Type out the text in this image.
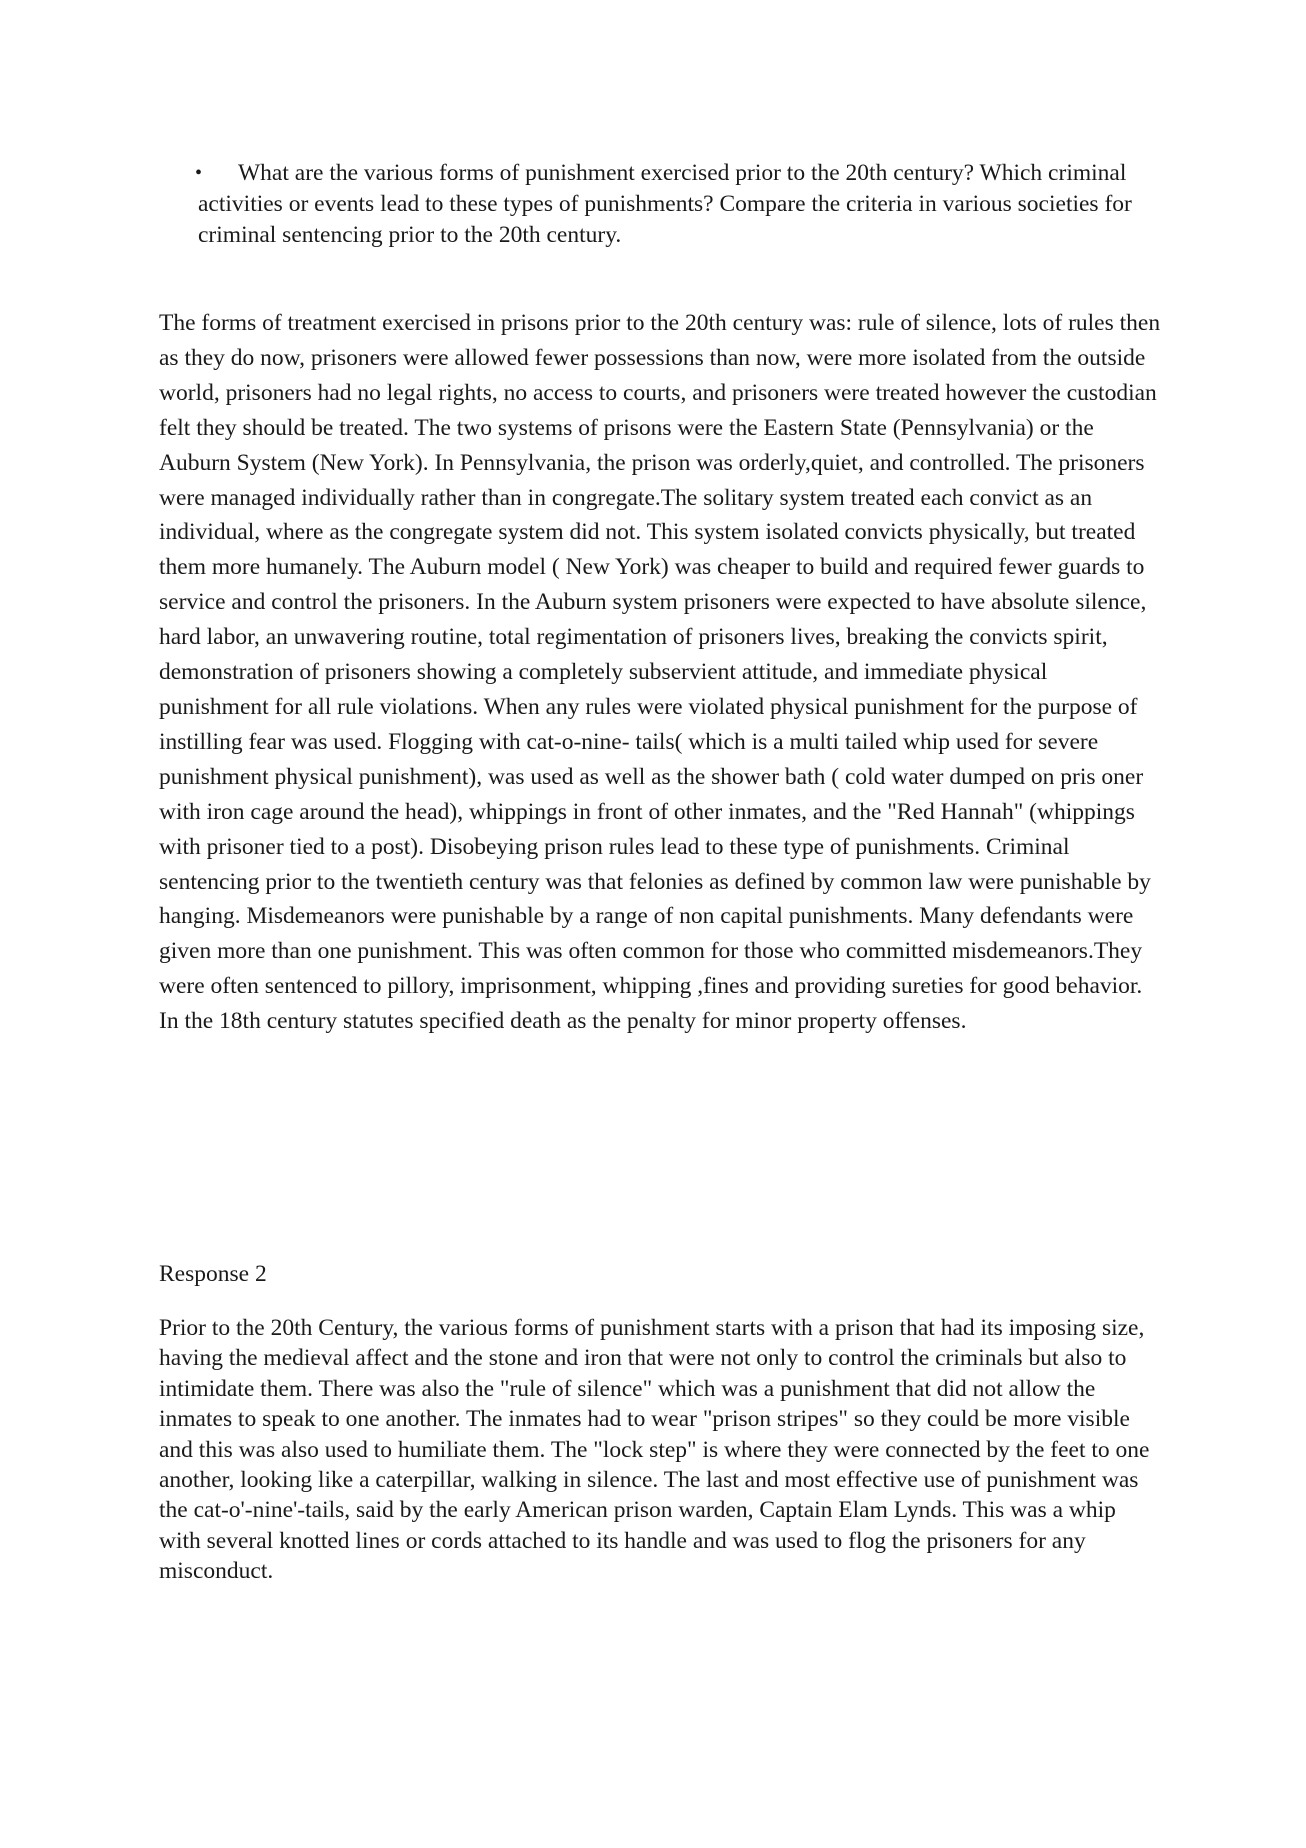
•	What are the various forms of punishment exercised prior to the 20th century? Which criminal activities or events lead to these types of punishments? Compare the criteria in various societies for criminal sentencing prior to the 20th century.

The forms of treatment exercised in prisons prior to the 20th century was: rule of silence, lots of rules then as they do now, prisoners were allowed fewer possessions than now, were more isolated from the outside world, prisoners had no legal rights, no access to courts, and prisoners were treated however the custodian felt they should be treated. The two systems of prisons were the Eastern State (Pennsylvania) or the Auburn System (New York). In Pennsylvania, the prison was orderly,quiet, and controlled. The prisoners were managed individually rather than in congregate.The solitary system treated each convict as an individual, where as the congregate system did not. This system isolated convicts physically, but treated them more humanely. The Auburn model ( New York) was cheaper to build and required fewer guards to service and control the prisoners. In the Auburn system prisoners were expected to have absolute silence, hard labor, an unwavering routine, total regimentation of prisoners lives, breaking the convicts spirit, demonstration of prisoners showing a completely subservient attitude, and immediate physical punishment for all rule violations. When any rules were violated physical punishment for the purpose of instilling fear was used. Flogging with cat-o-nine- tails( which is a multi tailed whip used for severe punishment physical punishment), was used as well as the shower bath ( cold water dumped on pris oner with iron cage around the head), whippings in front of other inmates, and the "Red Hannah" (whippings with prisoner tied to a post). Disobeying prison rules lead to these type of punishments. Criminal sentencing prior to the twentieth century was that felonies as defined by common law were punishable by hanging. Misdemeanors were punishable by a range of non capital punishments. Many defendants were given more than one punishment. This was often common for those who committed misdemeanors.They were often sentenced to pillory, imprisonment, whipping ,fines and providing sureties for good behavior. In the 18th century statutes specified death as the penalty for minor property offenses.

Response 2

Prior to the 20th Century, the various forms of punishment starts with a prison that had its imposing size, having the medieval affect and the stone and iron that were not only to control the criminals but also to intimidate them. There was also the "rule of silence" which was a punishment that did not allow the inmates to speak to one another. The inmates had to wear "prison stripes" so they could be more visible and this was also used to humiliate them. The "lock step" is where they were connected by the feet to one another, looking like a caterpillar, walking in silence. The last and most effective use of punishment was the cat-o'-nine'-tails, said by the early American prison warden, Captain Elam Lynds. This was a whip with several knotted lines or cords attached to its handle and was used to flog the prisoners for any misconduct.
